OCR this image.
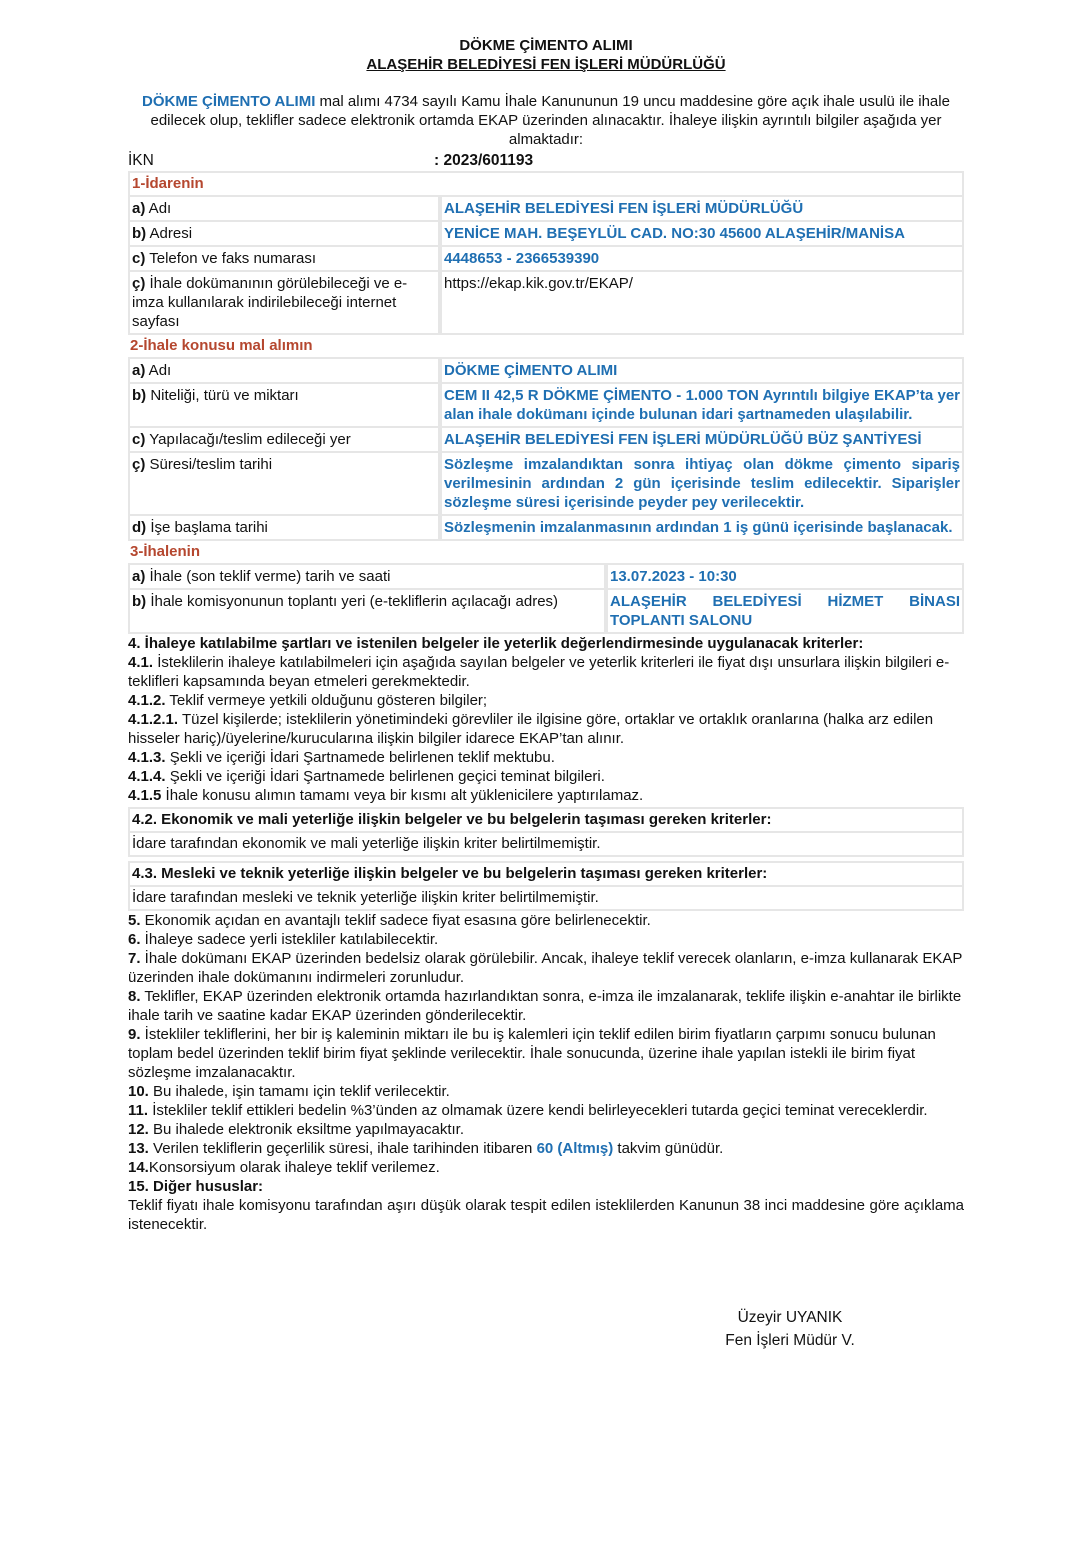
DÖKME ÇİMENTO ALIMI
ALAŞEHİR BELEDİYESİ FEN İŞLERİ MÜDÜRLÜĞÜ
DÖKME ÇİMENTO ALIMI mal alımı 4734 sayılı Kamu İhale Kanununun 19 uncu maddesine göre açık ihale usulü ile ihale edilecek olup, teklifler sadece elektronik ortamda EKAP üzerinden alınacaktır. İhaleye ilişkin ayrıntılı bilgiler aşağıda yer almaktadır:
İKN	: 2023/601193
1-İdarenin
a) Adı	ALAŞEHİR BELEDİYESİ FEN İŞLERİ MÜDÜRLÜĞÜ
b) Adresi	YENİCE MAH. BEŞEYLÜL CAD. NO:30 45600 ALAŞEHİR/MANİSA
c) Telefon ve faks numarası	4448653 - 2366539390
ç) İhale dokümanının görülebileceği ve e-imza kullanılarak indirilebileceği internet sayfası
https://ekap.kik.gov.tr/EKAP/
2-İhale konusu mal alımın
a) Adı	DÖKME ÇİMENTO ALIMI
b) Niteliği, türü ve miktarı	CEM II 42,5 R DÖKME ÇİMENTO - 1.000 TON Ayrıntılı bilgiye EKAP’ta yer alan ihale dokümanı içinde bulunan idari şartnameden ulaşılabilir.
c) Yapılacağı/teslim edileceği yer	ALAŞEHİR BELEDİYESİ FEN İŞLERİ MÜDÜRLÜĞÜ BÜZ ŞANTİYESİ
ç) Süresi/teslim tarihi	Sözleşme imzalandıktan sonra ihtiyaç olan dökme çimento sipariş verilmesinin ardından 2 gün içerisinde teslim edilecektir. Siparişler sözleşme süresi içerisinde peyder pey verilecektir.
d) İşe başlama tarihi	Sözleşmenin imzalanmasının ardından 1 iş günü içerisinde başlanacak.
3-İhalenin
a) İhale (son teklif verme) tarih ve saati	13.07.2023 - 10:30
b) İhale komisyonunun toplantı yeri (e-tekliflerin açılacağı adres)	ALAŞEHİR BELEDİYESİ HİZMET BİNASI TOPLANTI SALONU

4. İhaleye katılabilme şartları ve istenilen belgeler ile yeterlik değerlendirmesinde uygulanacak kriterler:

4.1. İsteklilerin ihaleye katılabilmeleri için aşağıda sayılan belgeler ve yeterlik kriterleri ile fiyat dışı unsurlara ilişkin bilgileri e-teklifleri kapsamında beyan etmeleri gerekmektedir.

4.1.2. Teklif vermeye yetkili olduğunu gösteren bilgiler;

4.1.2.1. Tüzel kişilerde; isteklilerin yönetimindeki görevliler ile ilgisine göre, ortaklar ve ortaklık oranlarına (halka arz edilen hisseler hariç)/üyelerine/kurucularına ilişkin bilgiler idarece EKAP’tan alınır.

4.1.3. Şekli ve içeriği İdari Şartnamede belirlenen teklif mektubu.

4.1.4. Şekli ve içeriği İdari Şartnamede belirlenen geçici teminat bilgileri.

4.1.5 İhale konusu alımın tamamı veya bir kısmı alt yüklenicilere yaptırılamaz.

4.2. Ekonomik ve mali yeterliğe ilişkin belgeler ve bu belgelerin taşıması gereken kriterler:
İdare tarafından ekonomik ve mali yeterliğe ilişkin kriter belirtilmemiştir.
4.3. Mesleki ve teknik yeterliğe ilişkin belgeler ve bu belgelerin taşıması gereken kriterler:
İdare tarafından mesleki ve teknik yeterliğe ilişkin kriter belirtilmemiştir.

5. Ekonomik açıdan en avantajlı teklif sadece fiyat esasına göre belirlenecektir.

6. İhaleye sadece yerli istekliler katılabilecektir.

7. İhale dokümanı EKAP üzerinden bedelsiz olarak görülebilir. Ancak, ihaleye teklif verecek olanların, e-imza kullanarak EKAP üzerinden ihale dokümanını indirmeleri zorunludur.

8. Teklifler, EKAP üzerinden elektronik ortamda hazırlandıktan sonra, e-imza ile imzalanarak, teklife ilişkin e-anahtar ile birlikte ihale tarih ve saatine kadar EKAP üzerinden gönderilecektir.

9. İstekliler tekliflerini, her bir iş kaleminin miktarı ile bu iş kalemleri için teklif edilen birim fiyatların çarpımı sonucu bulunan toplam bedel üzerinden teklif birim fiyat şeklinde verilecektir. İhale sonucunda, üzerine ihale yapılan istekli ile birim fiyat sözleşme imzalanacaktır.

10. Bu ihalede, işin tamamı için teklif verilecektir.

11. İstekliler teklif ettikleri bedelin %3’ünden az olmamak üzere kendi belirleyecekleri tutarda geçici teminat vereceklerdir.

12. Bu ihalede elektronik eksiltme yapılmayacaktır.

13. Verilen tekliflerin geçerlilik süresi, ihale tarihinden itibaren 60 (Altmış) takvim günüdür.

14.Konsorsiyum olarak ihaleye teklif verilemez.

15. Diğer hususlar:

Teklif fiyatı ihale komisyonu tarafından aşırı düşük olarak tespit edilen isteklilerden Kanunun 38 inci maddesine göre açıklama istenecektir.

Üzeyir UYANIK
Fen İşleri Müdür V.
